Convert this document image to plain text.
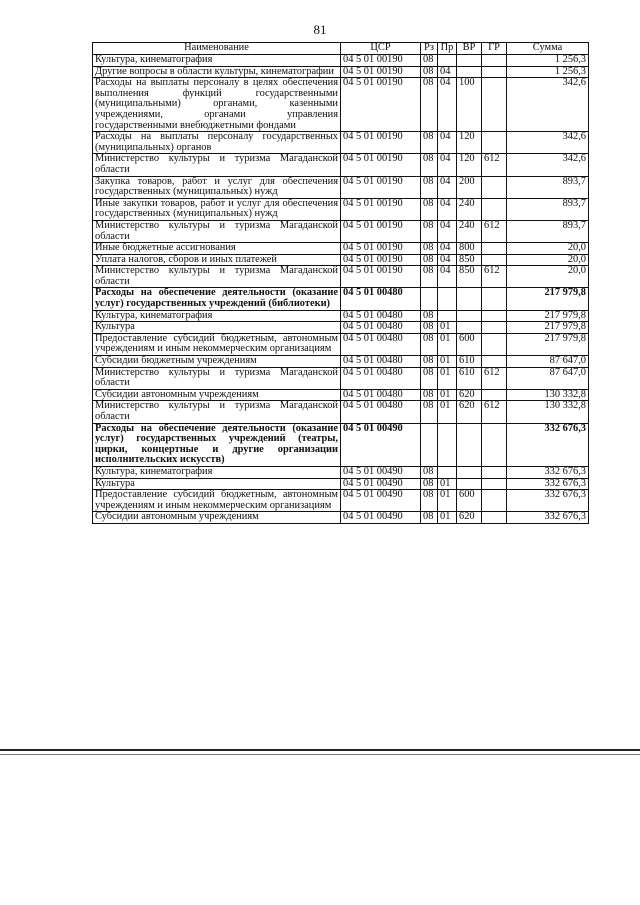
81
Наименование	ЦСР	Рз	Пр	ВР	ГР	Сумма
Культура, кинематография	04 5 01 00190	08				1 256,3
Другие вопросы в области культуры, кинематографии	04 5 01 00190	08	04			1 256,3
Расходы на выплаты персоналу в целях обеспечения выполнения функций государственными (муниципальными) органами, казенными учреждениями, органами управления государственными внебюджетными фондами	04 5 01 00190	08	04	100		342,6
Расходы на выплаты персоналу государственных (муниципальных) органов	04 5 01 00190	08	04	120		342,6
Министерство культуры и туризма Магаданской области	04 5 01 00190	08	04	120	612	342,6
Закупка товаров, работ и услуг для обеспечения государственных (муниципальных) нужд	04 5 01 00190	08	04	200		893,7
Иные закупки товаров, работ и услуг для обеспечения государственных (муниципальных) нужд	04 5 01 00190	08	04	240		893,7
Министерство культуры и туризма Магаданской области	04 5 01 00190	08	04	240	612	893,7
Иные бюджетные ассигнования	04 5 01 00190	08	04	800		20,0
Уплата налогов, сборов и иных платежей	04 5 01 00190	08	04	850		20,0
Министерство культуры и туризма Магаданской области	04 5 01 00190	08	04	850	612	20,0
Расходы на обеспечение деятельности (оказание услуг) государственных учреждений (библиотеки)	04 5 01 00480					217 979,8
Культура, кинематография	04 5 01 00480	08				217 979,8
Культура	04 5 01 00480	08	01			217 979,8
Предоставление субсидий бюджетным, автономным учреждениям и иным некоммерческим организациям	04 5 01 00480	08	01	600		217 979,8
Субсидии бюджетным учреждениям	04 5 01 00480	08	01	610		87 647,0
Министерство культуры и туризма Магаданской области	04 5 01 00480	08	01	610	612	87 647,0
Субсидии автономным учреждениям	04 5 01 00480	08	01	620		130 332,8
Министерство культуры и туризма Магаданской области	04 5 01 00480	08	01	620	612	130 332,8
Расходы на обеспечение деятельности (оказание услуг) государственных учреждений (театры, цирки, концертные и другие организации исполнительских искусств)	04 5 01 00490					332 676,3
Культура, кинематография	04 5 01 00490	08				332 676,3
Культура	04 5 01 00490	08	01			332 676,3
Предоставление субсидий бюджетным, автономным учреждениям и иным некоммерческим организациям	04 5 01 00490	08	01	600		332 676,3
Субсидии автономным учреждениям	04 5 01 00490	08	01	620		332 676,3
